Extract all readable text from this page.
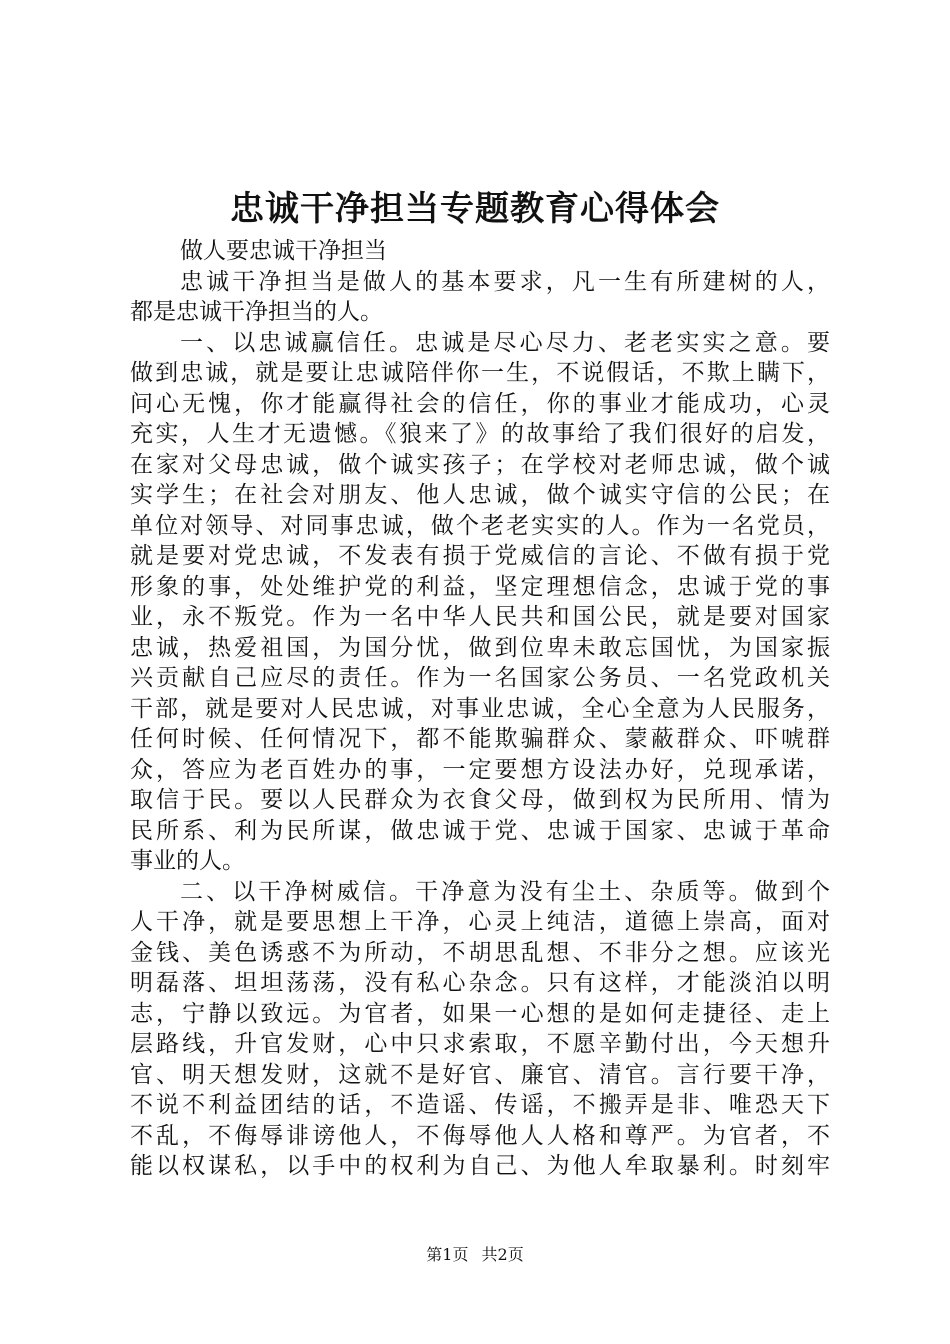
忠诚干净担当专题教育心得体会
做人要忠诚干净担当
忠诚干净担当是做人的基本要求，凡一生有所建树的人，
都是忠诚干净担当的人。
一、以忠诚赢信任。忠诚是尽心尽力、老老实实之意。要
做到忠诚，就是要让忠诚陪伴你一生，不说假话，不欺上瞒下，
问心无愧，你才能赢得社会的信任，你的事业才能成功，心灵
充实，人生才无遗憾。《狼来了》的故事给了我们很好的启发，
在家对父母忠诚，做个诚实孩子；在学校对老师忠诚，做个诚
实学生；在社会对朋友、他人忠诚，做个诚实守信的公民；在
单位对领导、对同事忠诚，做个老老实实的人。作为一名党员，
就是要对党忠诚，不发表有损于党威信的言论、不做有损于党
形象的事，处处维护党的利益，坚定理想信念，忠诚于党的事
业，永不叛党。作为一名中华人民共和国公民，就是要对国家
忠诚，热爱祖国，为国分忧，做到位卑未敢忘国忧，为国家振
兴贡献自己应尽的责任。作为一名国家公务员、一名党政机关
干部，就是要对人民忠诚，对事业忠诚，全心全意为人民服务，
任何时候、任何情况下，都不能欺骗群众、蒙蔽群众、吓唬群
众，答应为老百姓办的事，一定要想方设法办好，兑现承诺，
取信于民。要以人民群众为衣食父母，做到权为民所用、情为
民所系、利为民所谋，做忠诚于党、忠诚于国家、忠诚于革命
事业的人。
二、以干净树威信。干净意为没有尘土、杂质等。做到个
人干净，就是要思想上干净，心灵上纯洁，道德上崇高，面对
金钱、美色诱惑不为所动，不胡思乱想、不非分之想。应该光
明磊落、坦坦荡荡，没有私心杂念。只有这样，才能淡泊以明
志，宁静以致远。为官者，如果一心想的是如何走捷径、走上
层路线，升官发财，心中只求索取，不愿辛勤付出，今天想升
官、明天想发财，这就不是好官、廉官、清官。言行要干净，
不说不利益团结的话，不造谣、传谣，不搬弄是非、唯恐天下
不乱，不侮辱诽谤他人，不侮辱他人人格和尊严。为官者，不
能以权谋私，以手中的权利为自己、为他人牟取暴利。时刻牢
第1页 共2页
